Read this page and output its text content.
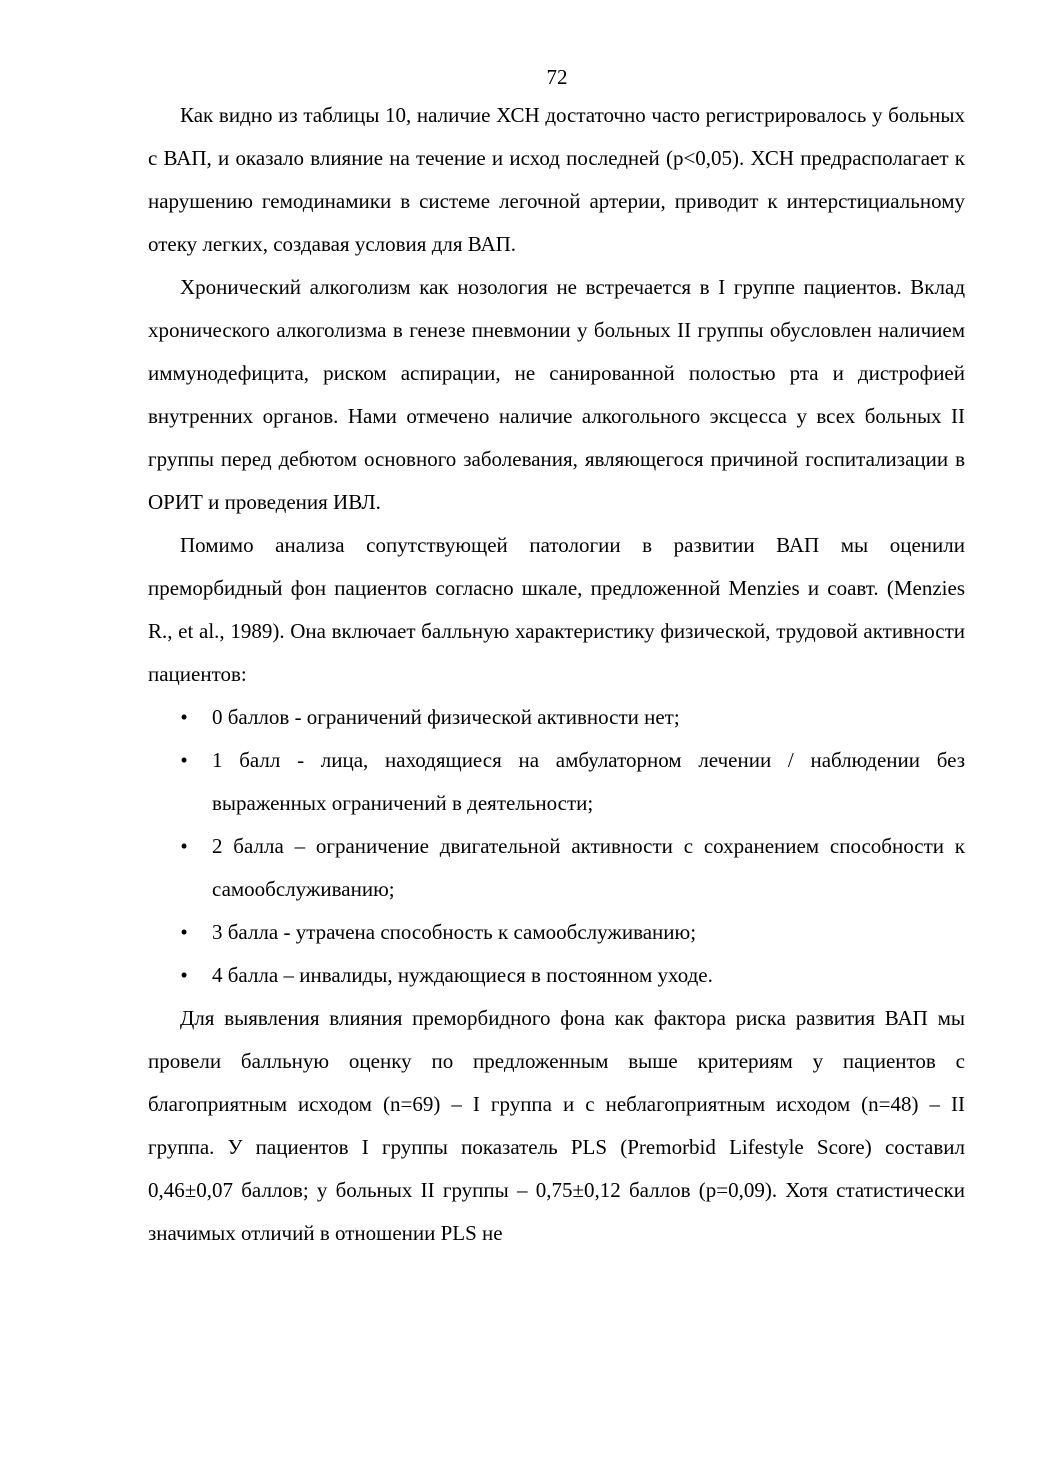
72

Как видно из таблицы 10, наличие ХСН достаточно часто регистрировалось у больных с ВАП, и оказало влияние на течение и исход последней (p<0,05). ХСН предрасполагает к нарушению гемодинамики в системе легочной артерии, приводит к интерстициальному отеку легких, создавая условия для ВАП.

Хронический алкоголизм как нозология не встречается в I группе пациентов. Вклад хронического алкоголизма в генезе пневмонии у больных II группы обусловлен наличием иммунодефицита, риском аспирации, не санированной полостью рта и дистрофией внутренних органов. Нами отмечено наличие алкогольного эксцесса у всех больных II группы перед дебютом основного заболевания, являющегося причиной госпитализации в ОРИТ и проведения ИВЛ.

Помимо анализа сопутствующей патологии в развитии ВАП мы оценили преморбидный фон пациентов согласно шкале, предложенной Menzies и соавт. (Menzies R., et al., 1989). Она включает балльную характеристику физической, трудовой активности пациентов:

• 0 баллов - ограничений физической активности нет;
• 1 балл - лица, находящиеся на амбулаторном лечении / наблюдении без выраженных ограничений в деятельности;
• 2 балла – ограничение двигательной активности с сохранением способности к самообслуживанию;
• 3 балла - утрачена способность к самообслуживанию;
• 4 балла – инвалиды, нуждающиеся в постоянном уходе.

Для выявления влияния преморбидного фона как фактора риска развития ВАП мы провели балльную оценку по предложенным выше критериям у пациентов с благоприятным исходом (n=69) – I группа и с неблагоприятным исходом (n=48) – II группа. У пациентов I группы показатель PLS (Premorbid Lifestyle Score) составил 0,46±0,07 баллов; у больных II группы – 0,75±0,12 баллов (p=0,09). Хотя статистически значимых отличий в отношении PLS не
